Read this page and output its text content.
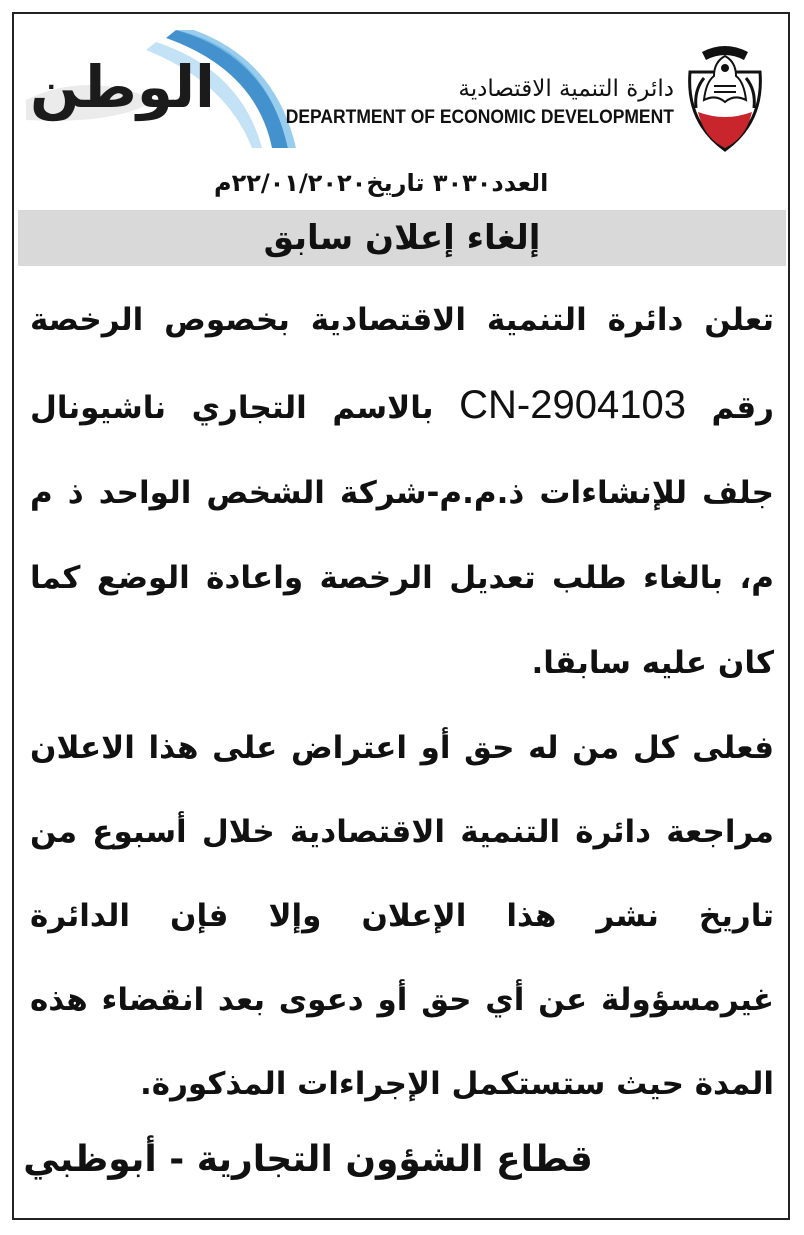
الوطن	دائرة التنمية الاقتصادية
DEPARTMENT OF ECONOMIC DEVELOPMENT
العدد٣٠٣٠ تاريخ٢٢/٠١/٢٠٢٠م
إلغاء إعلان سابق
تعلن دائرة التنمية الاقتصادية بخصوص الرخصة رقم CN-2904103 بالاسم التجاري ناشيونال جلف للإنشاءات ذ.م.م-شركة الشخص الواحد ذ م م، بالغاء طلب تعديل الرخصة واعادة الوضع كما كان عليه سابقا.
فعلى كل من له حق أو اعتراض على هذا الاعلان مراجعة دائرة التنمية الاقتصادية خلال أسبوع من تاريخ نشر هذا الإعلان وإلا فإن الدائرة غيرمسؤولة عن أي حق أو دعوى بعد انقضاء هذه المدة حيث ستستكمل الإجراءات المذكورة.
قطاع الشؤون التجارية - أبوظبي
